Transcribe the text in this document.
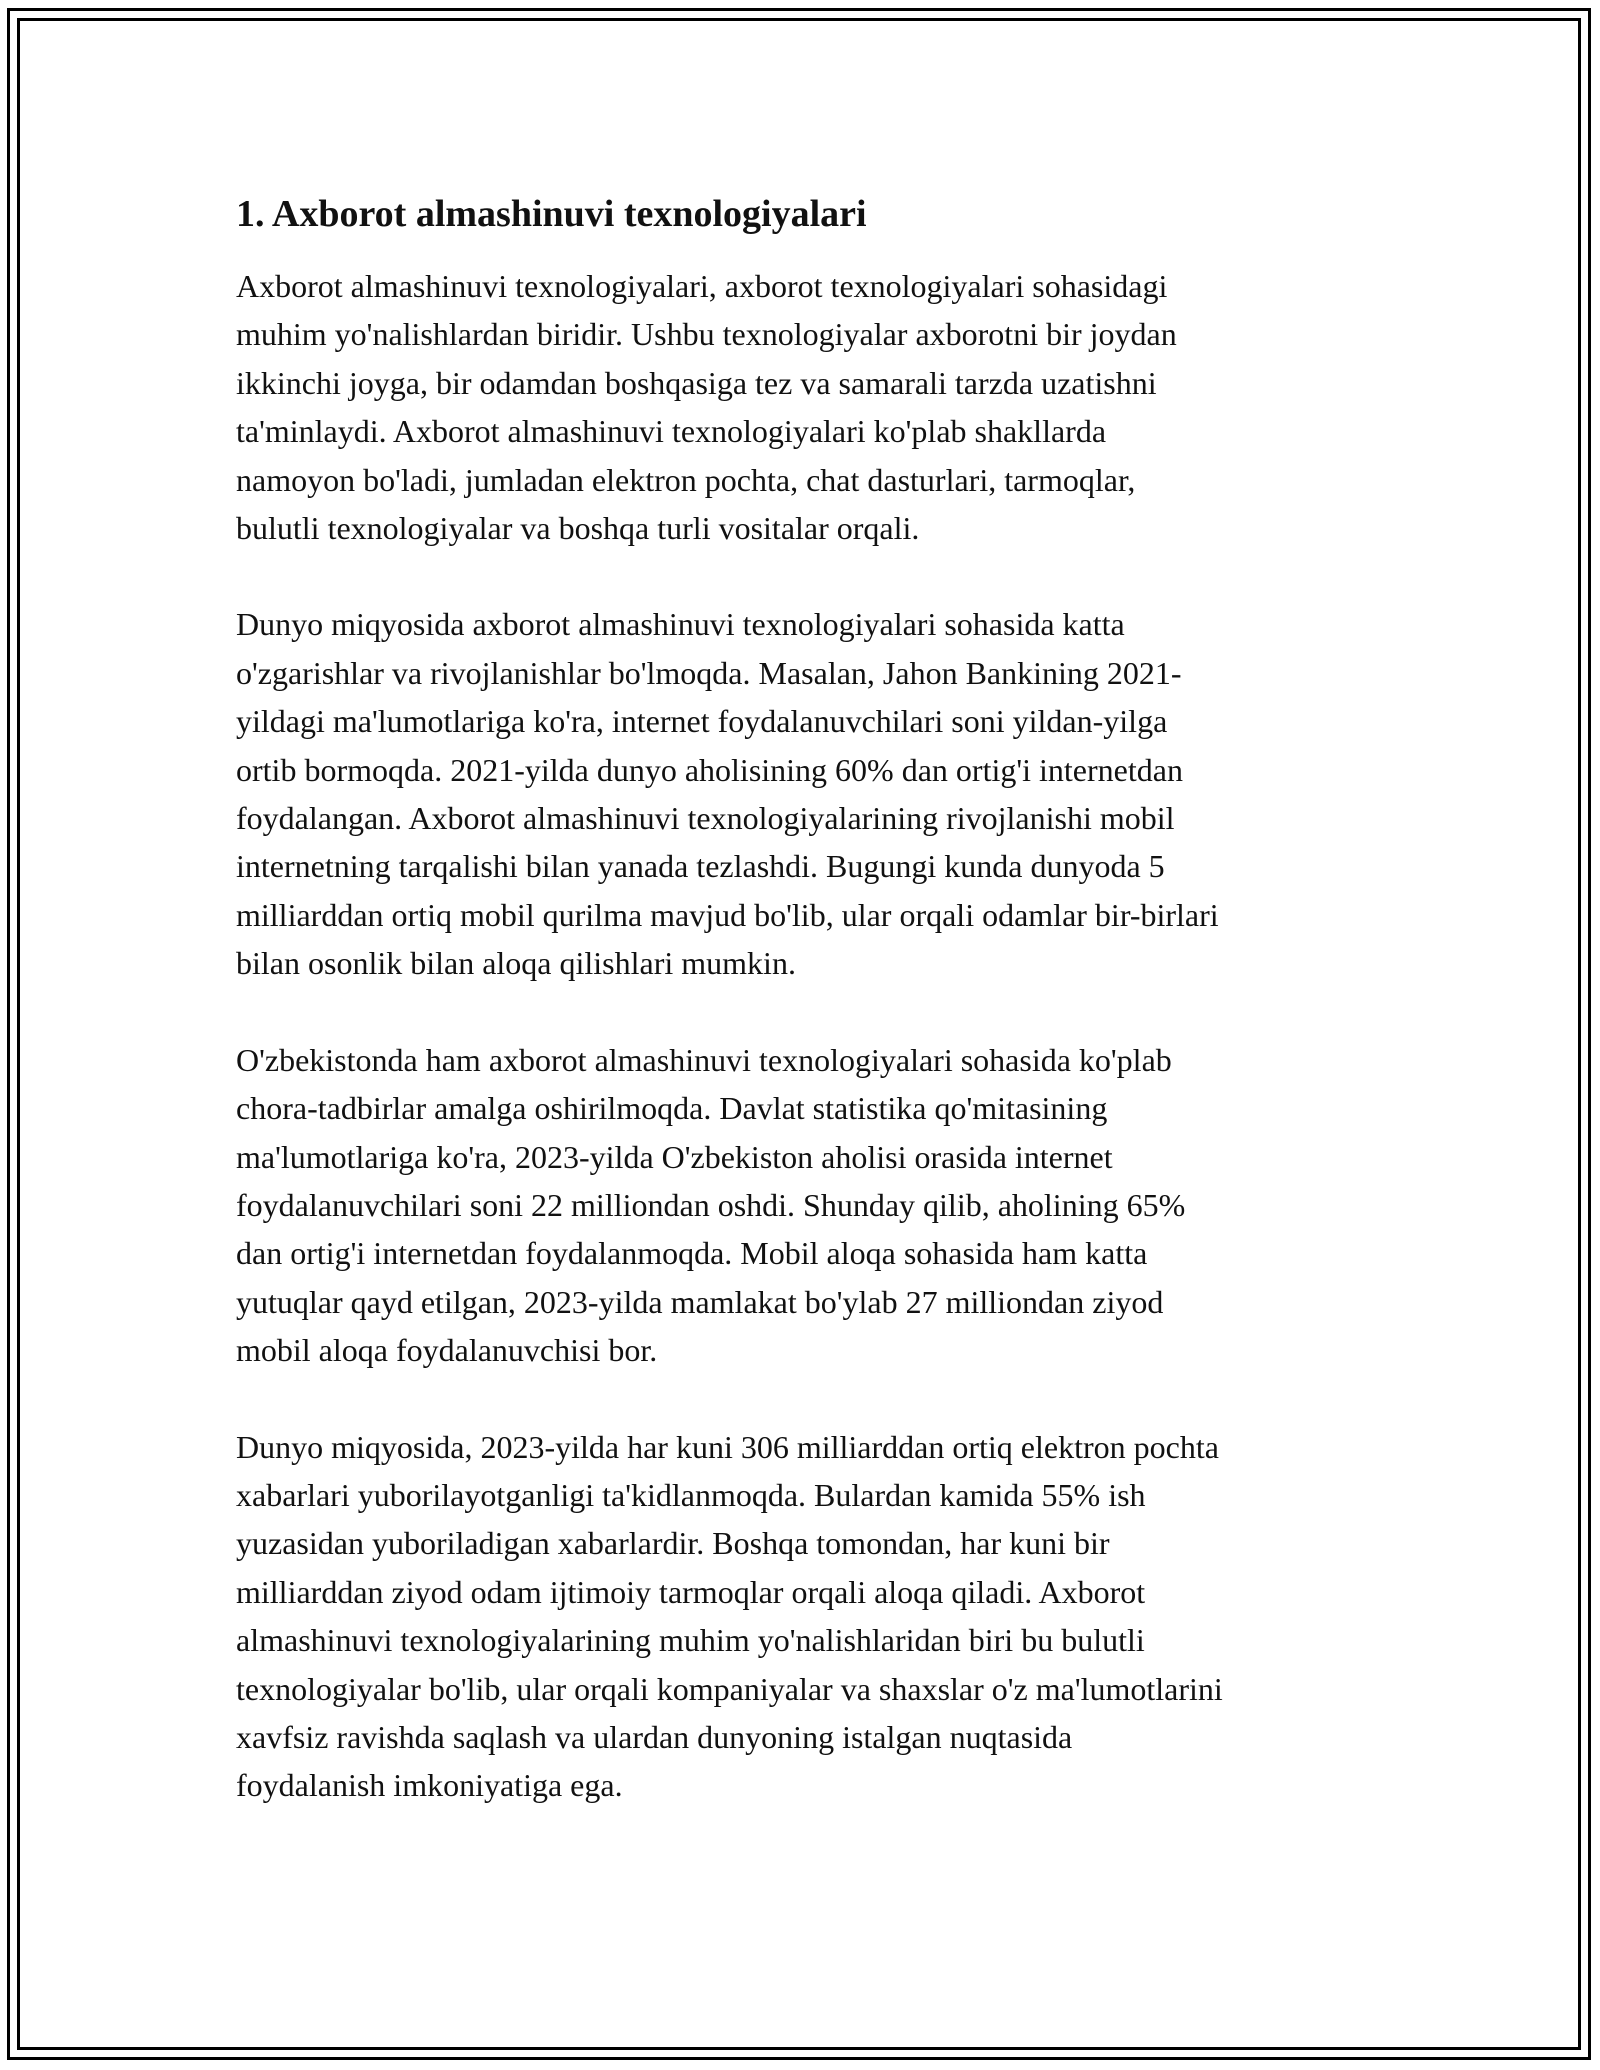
1. Axborot almashinuvi texnologiyalari

Axborot almashinuvi texnologiyalari, axborot texnologiyalari sohasidagi
muhim yo'nalishlardan biridir. Ushbu texnologiyalar axborotni bir joydan
ikkinchi joyga, bir odamdan boshqasiga tez va samarali tarzda uzatishni
ta'minlaydi. Axborot almashinuvi texnologiyalari ko'plab shakllarda
namoyon bo'ladi, jumladan elektron pochta, chat dasturlari, tarmoqlar,
bulutli texnologiyalar va boshqa turli vositalar orqali.

Dunyo miqyosida axborot almashinuvi texnologiyalari sohasida katta
o'zgarishlar va rivojlanishlar bo'lmoqda. Masalan, Jahon Bankining 2021-
yildagi ma'lumotlariga ko'ra, internet foydalanuvchilari soni yildan-yilga
ortib bormoqda. 2021-yilda dunyo aholisining 60% dan ortig'i internetdan
foydalangan. Axborot almashinuvi texnologiyalarining rivojlanishi mobil
internetning tarqalishi bilan yanada tezlashdi. Bugungi kunda dunyoda 5
milliarddan ortiq mobil qurilma mavjud bo'lib, ular orqali odamlar bir-birlari
bilan osonlik bilan aloqa qilishlari mumkin.

O'zbekistonda ham axborot almashinuvi texnologiyalari sohasida ko'plab
chora-tadbirlar amalga oshirilmoqda. Davlat statistika qo'mitasining
ma'lumotlariga ko'ra, 2023-yilda O'zbekiston aholisi orasida internet
foydalanuvchilari soni 22 milliondan oshdi. Shunday qilib, aholining 65%
dan ortig'i internetdan foydalanmoqda. Mobil aloqa sohasida ham katta
yutuqlar qayd etilgan, 2023-yilda mamlakat bo'ylab 27 milliondan ziyod
mobil aloqa foydalanuvchisi bor.

Dunyo miqyosida, 2023-yilda har kuni 306 milliarddan ortiq elektron pochta
xabarlari yuborilayotganligi ta'kidlanmoqda. Bulardan kamida 55% ish
yuzasidan yuboriladigan xabarlardir. Boshqa tomondan, har kuni bir
milliarddan ziyod odam ijtimoiy tarmoqlar orqali aloqa qiladi. Axborot
almashinuvi texnologiyalarining muhim yo'nalishlaridan biri bu bulutli
texnologiyalar bo'lib, ular orqali kompaniyalar va shaxslar o'z ma'lumotlarini
xavfsiz ravishda saqlash va ulardan dunyoning istalgan nuqtasida
foydalanish imkoniyatiga ega.
